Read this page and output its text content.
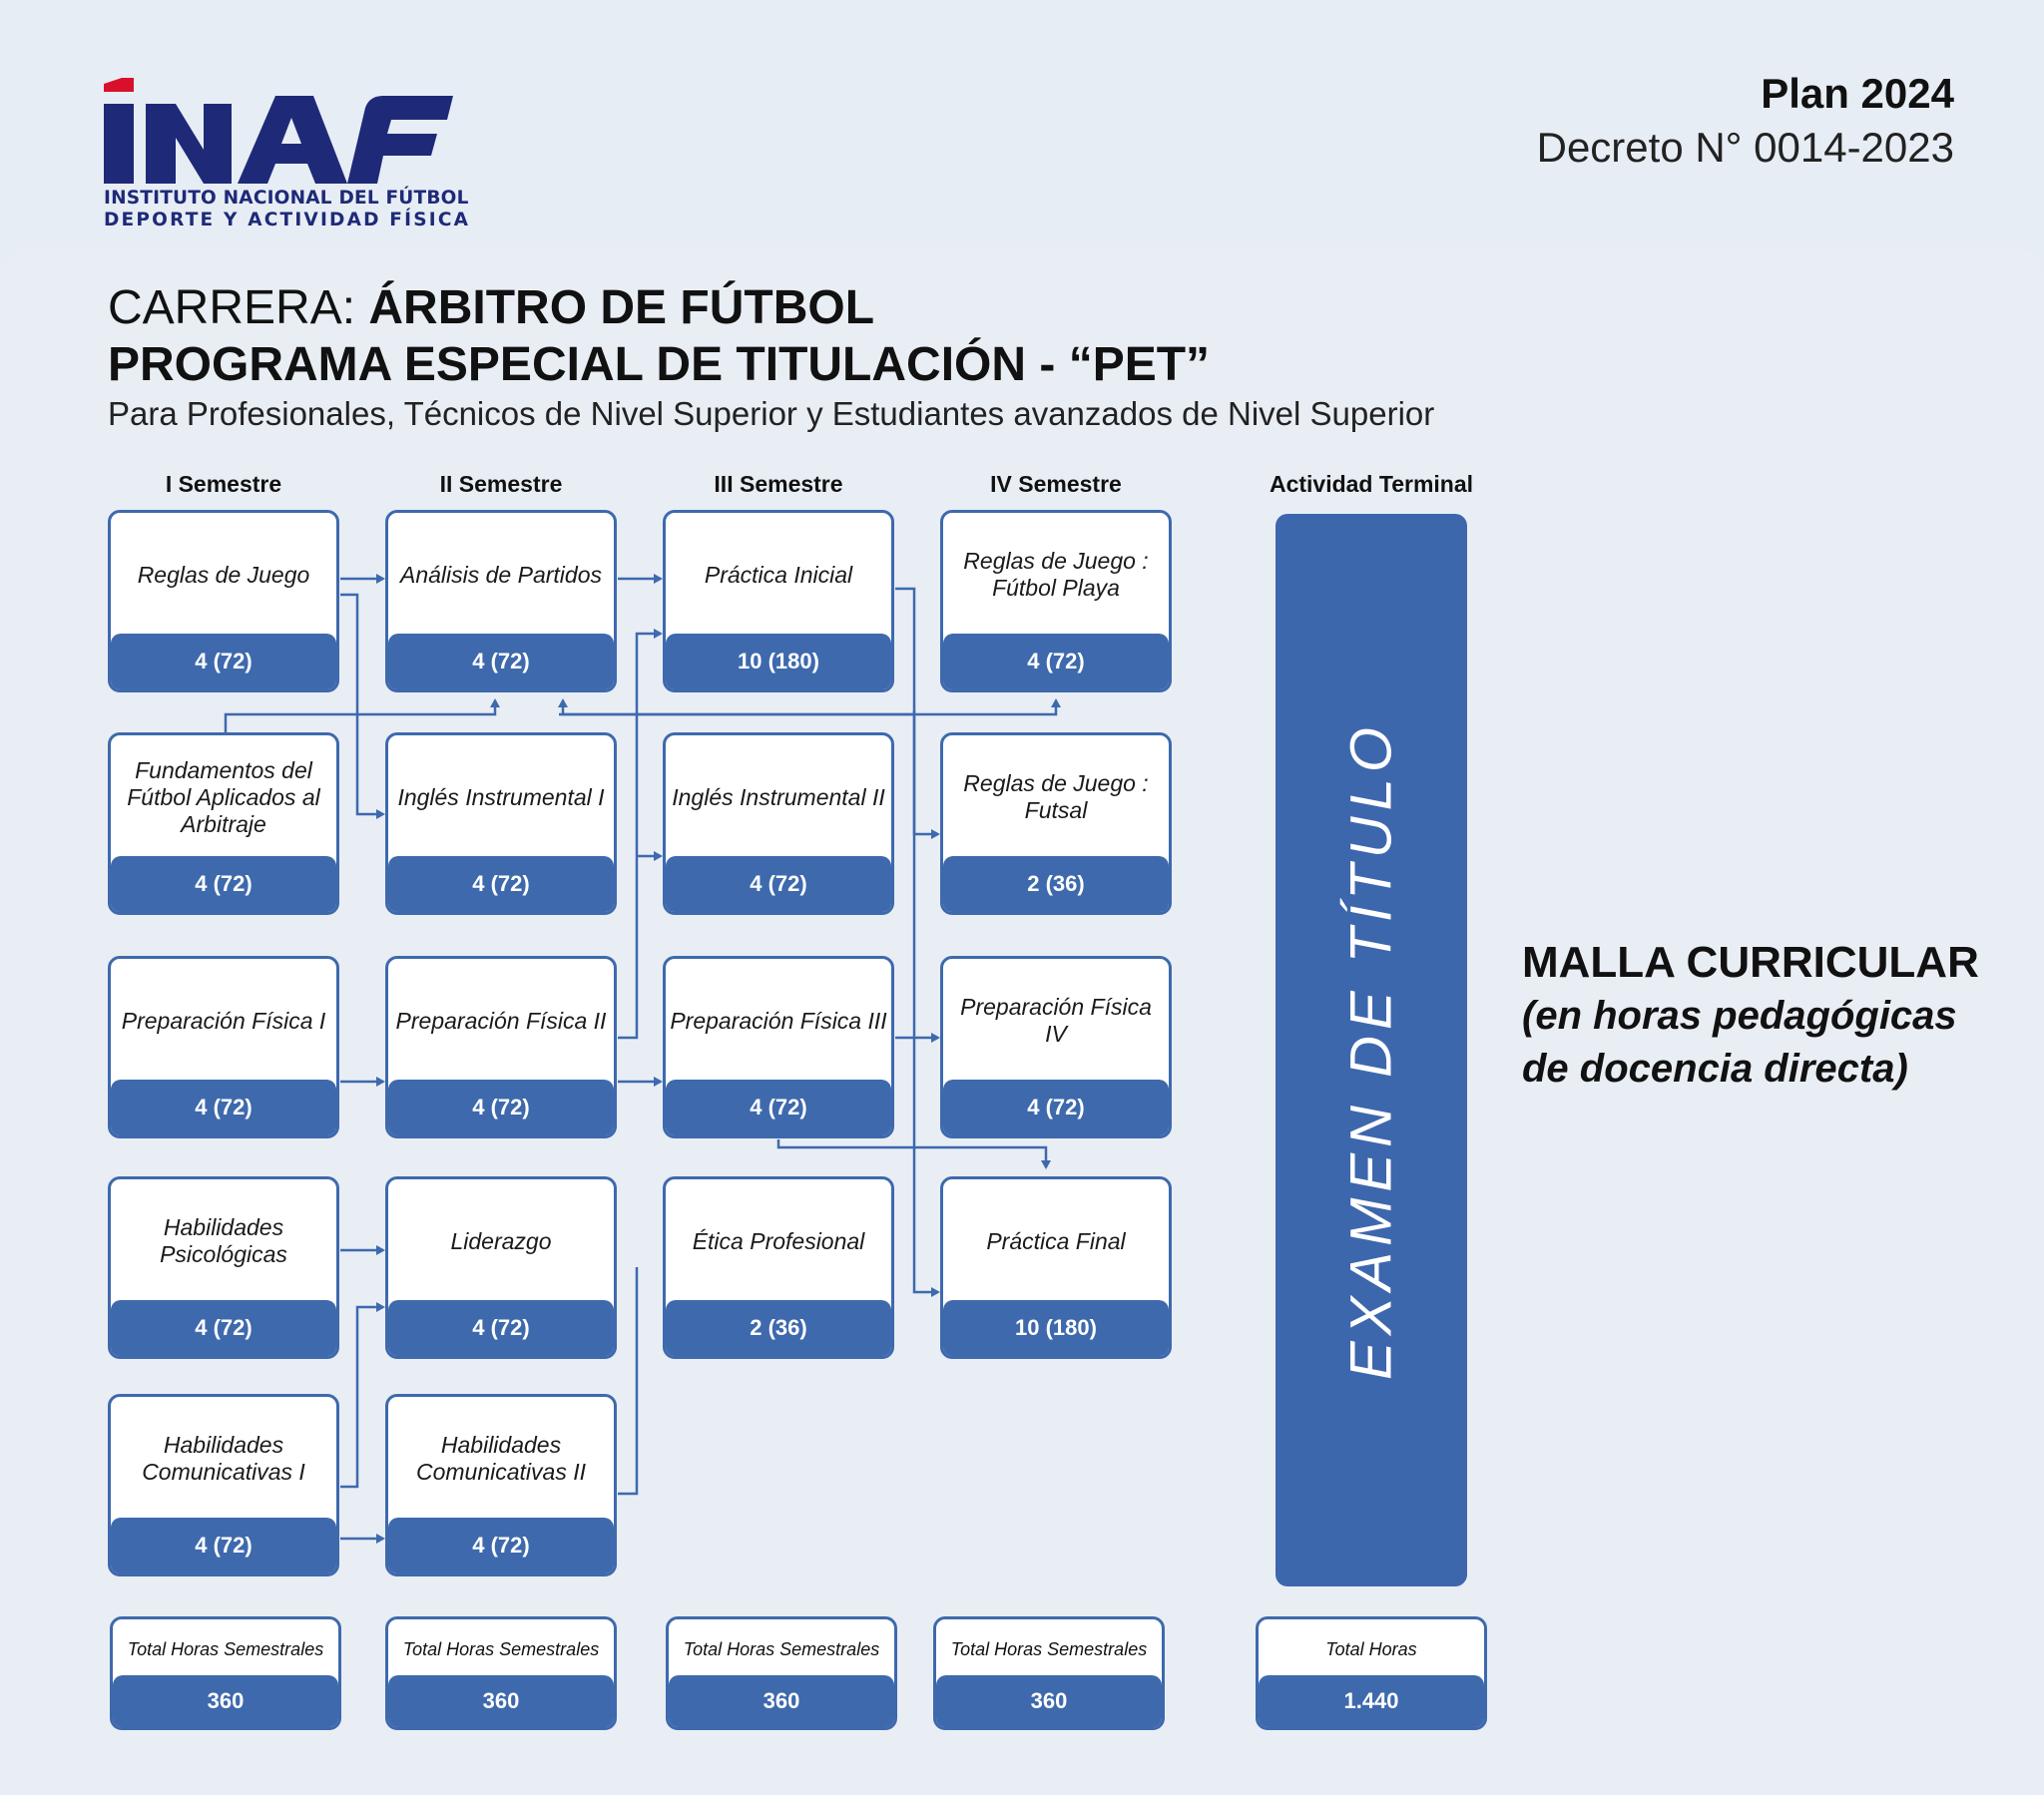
INSTITUTO NACIONAL DEL FÚTBOL
DEPORTE Y ACTIVIDAD FÍSICA
Plan 2024
Decreto N° 0014-2023
CARRERA: ÁRBITRO DE FÚTBOL
PROGRAMA ESPECIAL DE TITULACIÓN - “PET”
Para Profesionales, Técnicos de Nivel Superior y Estudiantes avanzados de Nivel Superior
I Semestre	II Semestre	III Semestre	IV Semestre	Actividad Terminal
Reglas de Juego
4 (72)
Fundamentos del Fútbol Aplicados al Arbitraje
4 (72)
Preparación Física I
4 (72)
Habilidades Psicológicas
4 (72)
Habilidades Comunicativas I
4 (72)
Análisis de Partidos
4 (72)
Inglés Instrumental I
4 (72)
Preparación Física II
4 (72)
Liderazgo
4 (72)
Habilidades Comunicativas II
4 (72)
Práctica Inicial
10 (180)
Inglés Instrumental II
4 (72)
Preparación Física III
4 (72)
Ética Profesional
2 (36)
Reglas de Juego : Fútbol Playa
4 (72)
Reglas de Juego : Futsal
2 (36)
Preparación Física IV
4 (72)
Práctica Final
10 (180)	EXAMEN DE TÍTULO
Total Horas Semestrales
360
Total Horas Semestrales
360
Total Horas Semestrales
360
Total Horas Semestrales
360
Total Horas
1.440
MALLA CURRICULAR
(en horas pedagógicas
de docencia directa)
